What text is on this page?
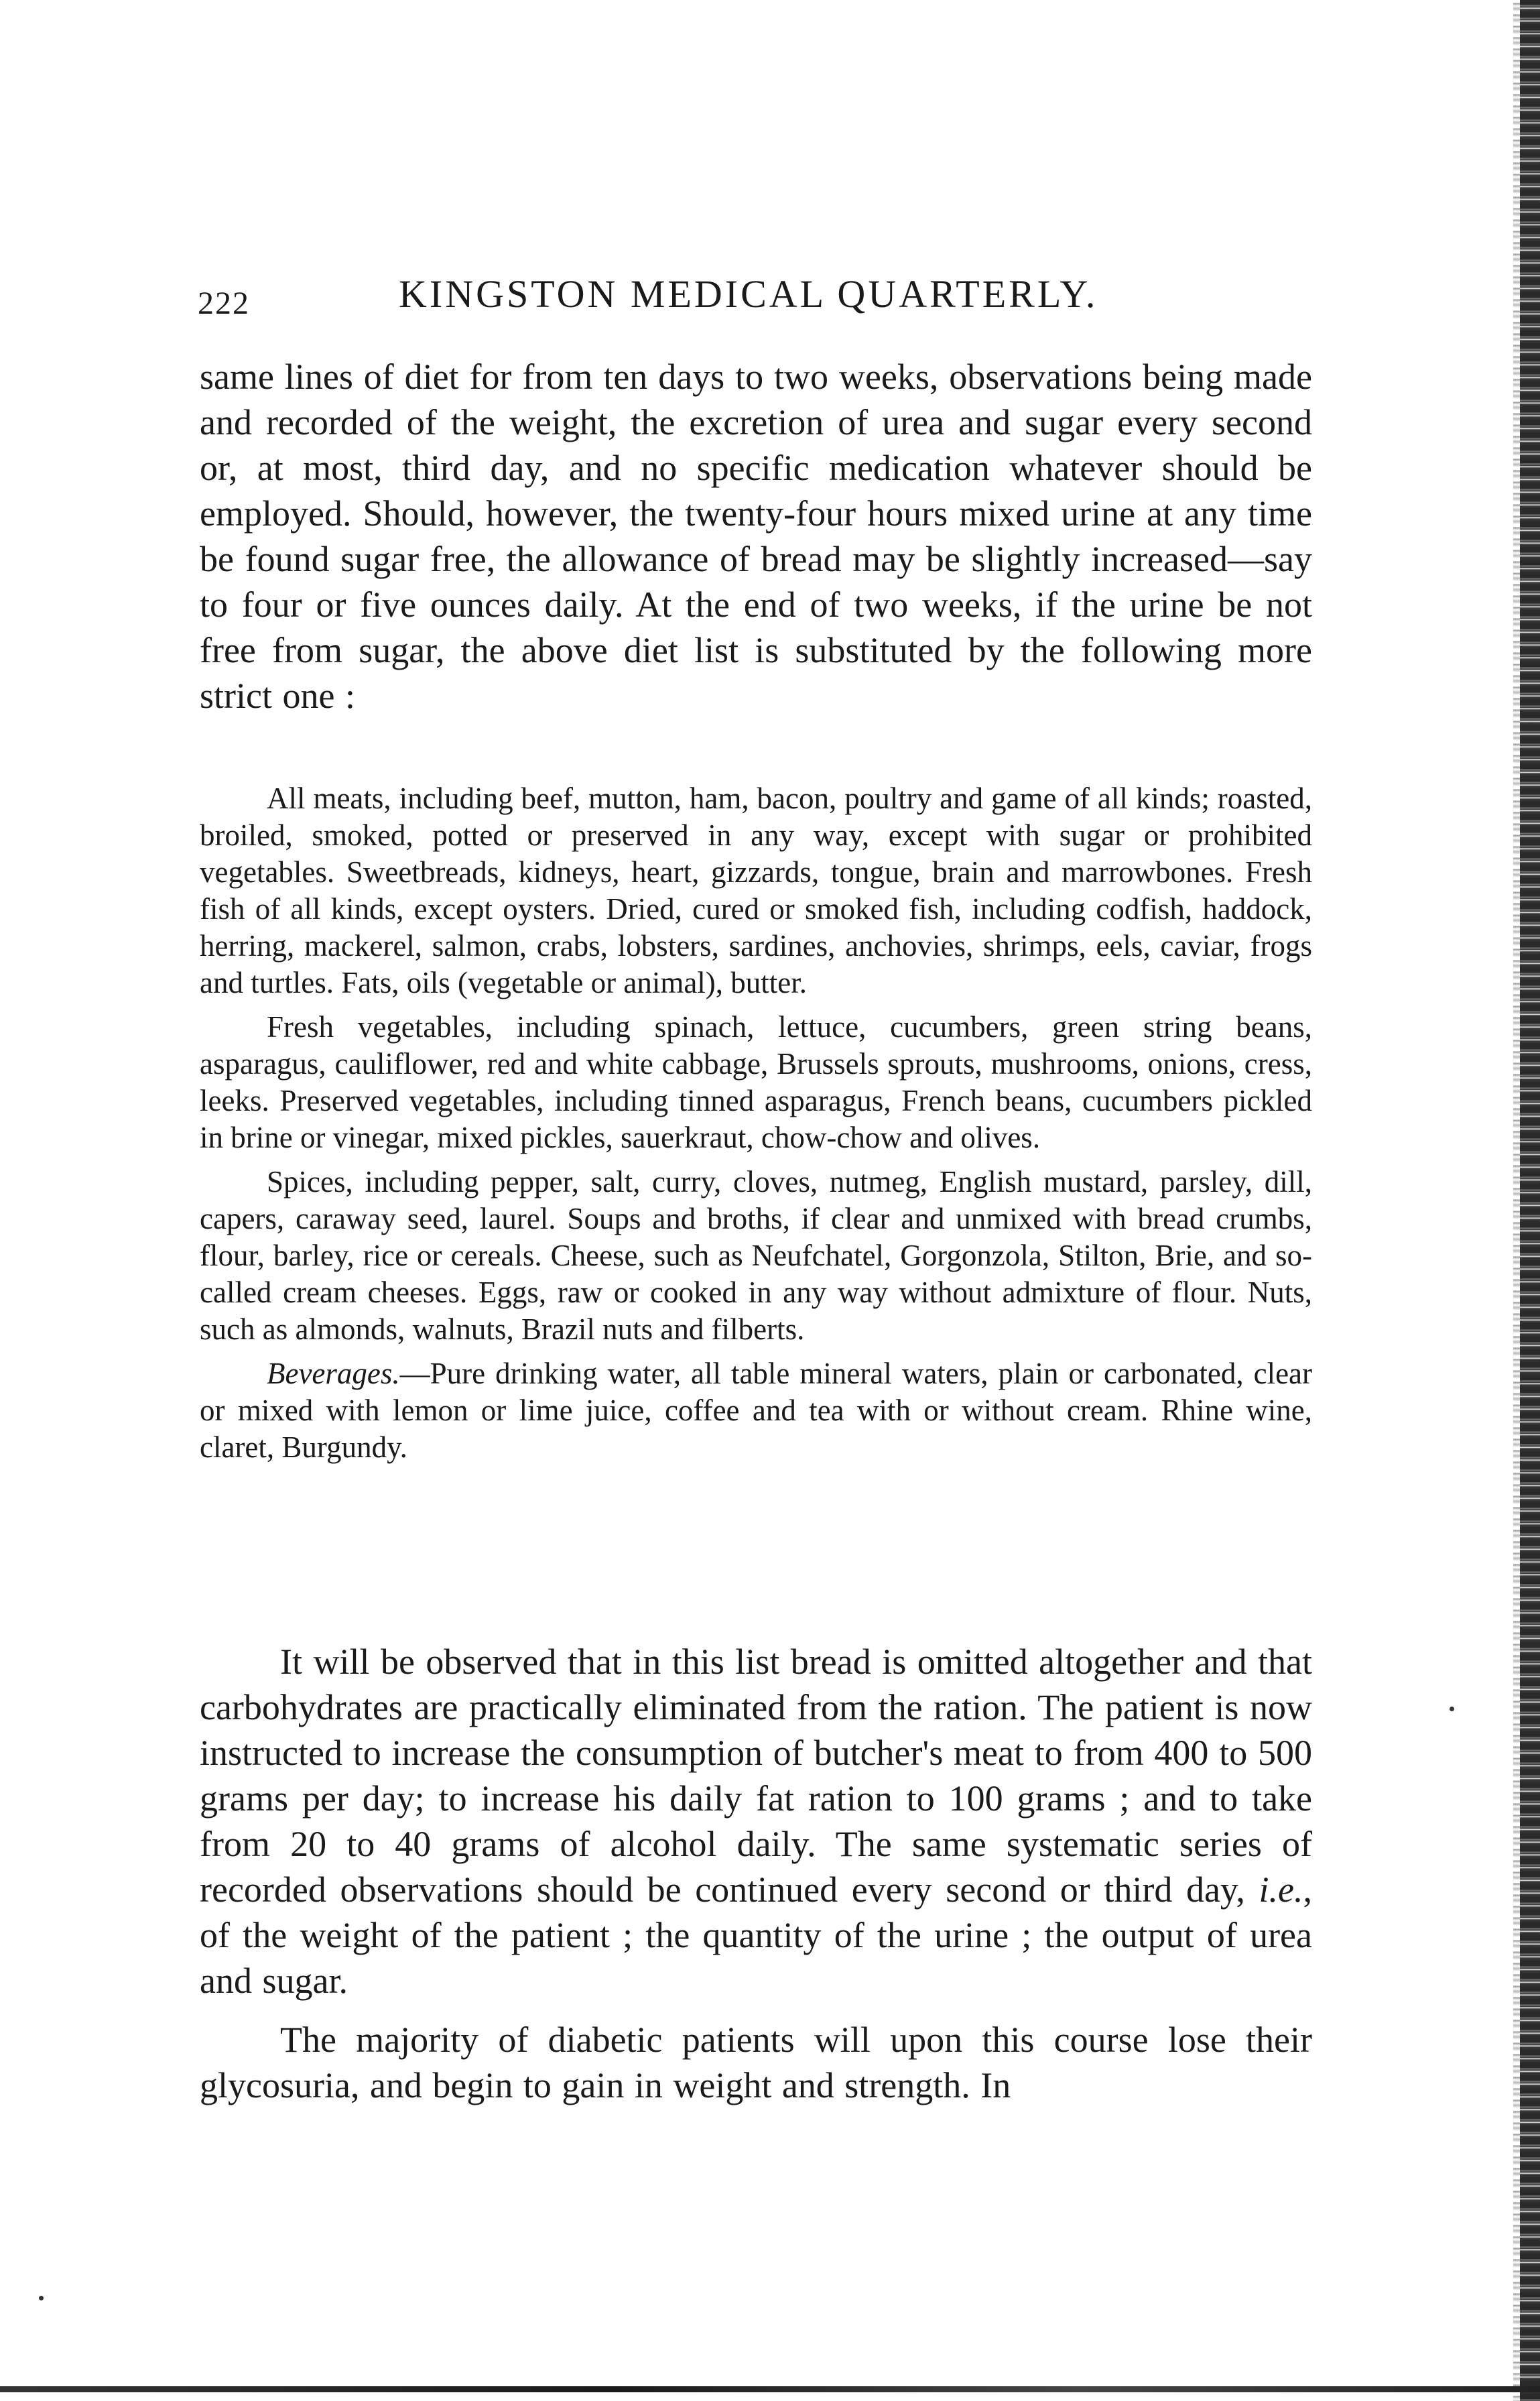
222	KINGSTON MEDICAL QUARTERLY.

same lines of diet for from ten days to two weeks, observations being made and recorded of the weight, the excretion of urea and sugar every second or, at most, third day, and no specific medication whatever should be employed. Should, however, the twenty-four hours mixed urine at any time be found sugar free, the allowance of bread may be slightly increased—say to four or five ounces daily. At the end of two weeks, if the urine be not free from sugar, the above diet list is substituted by the following more strict one :

All meats, including beef, mutton, ham, bacon, poultry and game of all kinds; roasted, broiled, smoked, potted or preserved in any way, except with sugar or prohibited vegetables. Sweetbreads, kidneys, heart, gizzards, tongue, brain and marrowbones. Fresh fish of all kinds, except oysters. Dried, cured or smoked fish, including codfish, haddock, herring, mackerel, salmon, crabs, lobsters, sardines, anchovies, shrimps, eels, caviar, frogs and turtles. Fats, oils (vegetable or animal), butter.

Fresh vegetables, including spinach, lettuce, cucumbers, green string beans, asparagus, cauliflower, red and white cabbage, Brussels sprouts, mushrooms, onions, cress, leeks. Preserved vegetables, including tinned asparagus, French beans, cucumbers pickled in brine or vinegar, mixed pickles, sauerkraut, chow-chow and olives.

Spices, including pepper, salt, curry, cloves, nutmeg, English mustard, parsley, dill, capers, caraway seed, laurel. Soups and broths, if clear and unmixed with bread crumbs, flour, barley, rice or cereals. Cheese, such as Neufchatel, Gorgonzola, Stilton, Brie, and so-called cream cheeses. Eggs, raw or cooked in any way without admixture of flour. Nuts, such as almonds, walnuts, Brazil nuts and filberts.

Beverages.—Pure drinking water, all table mineral waters, plain or carbonated, clear or mixed with lemon or lime juice, coffee and tea with or without cream. Rhine wine, claret, Burgundy.

It will be observed that in this list bread is omitted altogether and that carbohydrates are practically eliminated from the ration. The patient is now instructed to increase the consumption of butcher's meat to from 400 to 500 grams per day; to increase his daily fat ration to 100 grams ; and to take from 20 to 40 grams of alcohol daily. The same systematic series of recorded observations should be continued every second or third day, i.e., of the weight of the patient ; the quantity of the urine ; the output of urea and sugar.

The majority of diabetic patients will upon this course lose their glycosuria, and begin to gain in weight and strength. In
